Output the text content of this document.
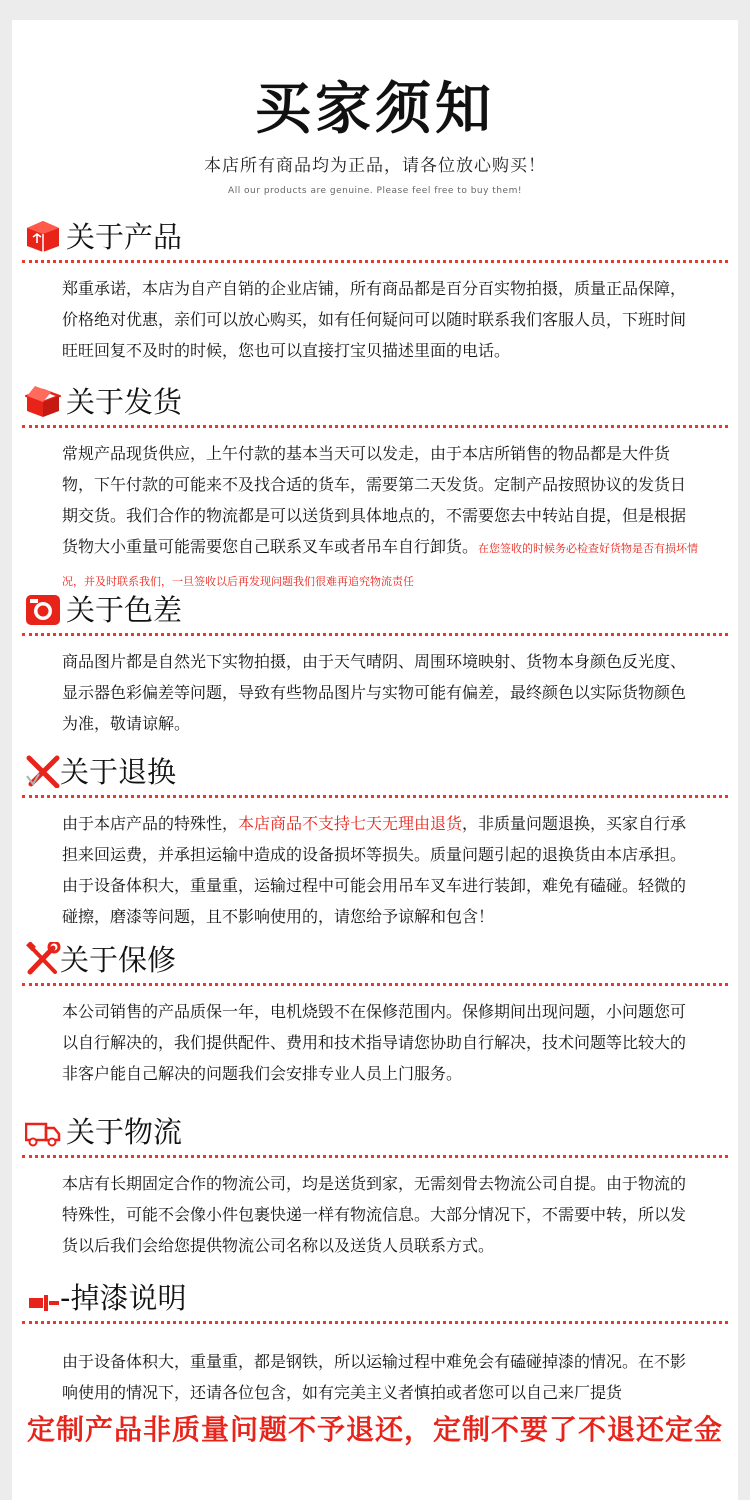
买家须知
本店所有商品均为正品，请各位放心购买！
All our products are genuine. Please feel free to buy them!
关于产品
郑重承诺，本店为自产自销的企业店铺，所有商品都是百分百实物拍摄，质量正品保障，价格绝对优惠，亲们可以放心购买，如有任何疑问可以随时联系我们客服人员，下班时间旺旺回复不及时的时候，您也可以直接打宝贝描述里面的电话。
关于发货
常规产品现货供应，上午付款的基本当天可以发走，由于本店所销售的物品都是大件货物，下午付款的可能来不及找合适的货车，需要第二天发货。定制产品按照协议的发货日期交货。我们合作的物流都是可以送货到具体地点的，不需要您去中转站自提，但是根据货物大小重量可能需要您自己联系叉车或者吊车自行卸货。在您签收的时候务必检查好货物是否有损坏情况，并及时联系我们，一旦签收以后再发现问题我们很难再追究物流责任
关于色差
商品图片都是自然光下实物拍摄，由于天气晴阴、周围环境映射、货物本身颜色反光度、显示器色彩偏差等问题，导致有些物品图片与实物可能有偏差，最终颜色以实际货物颜色为准，敬请谅解。
关于退换
由于本店产品的特殊性，本店商品不支持七天无理由退货，非质量问题退换，买家自行承担来回运费，并承担运输中造成的设备损坏等损失。质量问题引起的退换货由本店承担。由于设备体积大，重量重，运输过程中可能会用吊车叉车进行装卸，难免有磕碰。轻微的碰擦，磨漆等问题，且不影响使用的，请您给予谅解和包含！
关于保修
本公司销售的产品质保一年，电机烧毁不在保修范围内。保修期间出现问题，小问题您可以自行解决的，我们提供配件、费用和技术指导请您协助自行解决，技术问题等比较大的非客户能自己解决的问题我们会安排专业人员上门服务。
关于物流
本店有长期固定合作的物流公司，均是送货到家，无需刻骨去物流公司自提。由于物流的特殊性，可能不会像小件包裹快递一样有物流信息。大部分情况下，不需要中转，所以发货以后我们会给您提供物流公司名称以及送货人员联系方式。
-掉漆说明
由于设备体积大，重量重，都是钢铁，所以运输过程中难免会有磕碰掉漆的情况。在不影响使用的情况下，还请各位包含，如有完美主义者慎拍或者您可以自己来厂提货
定制产品非质量问题不予退还，定制不要了不退还定金
